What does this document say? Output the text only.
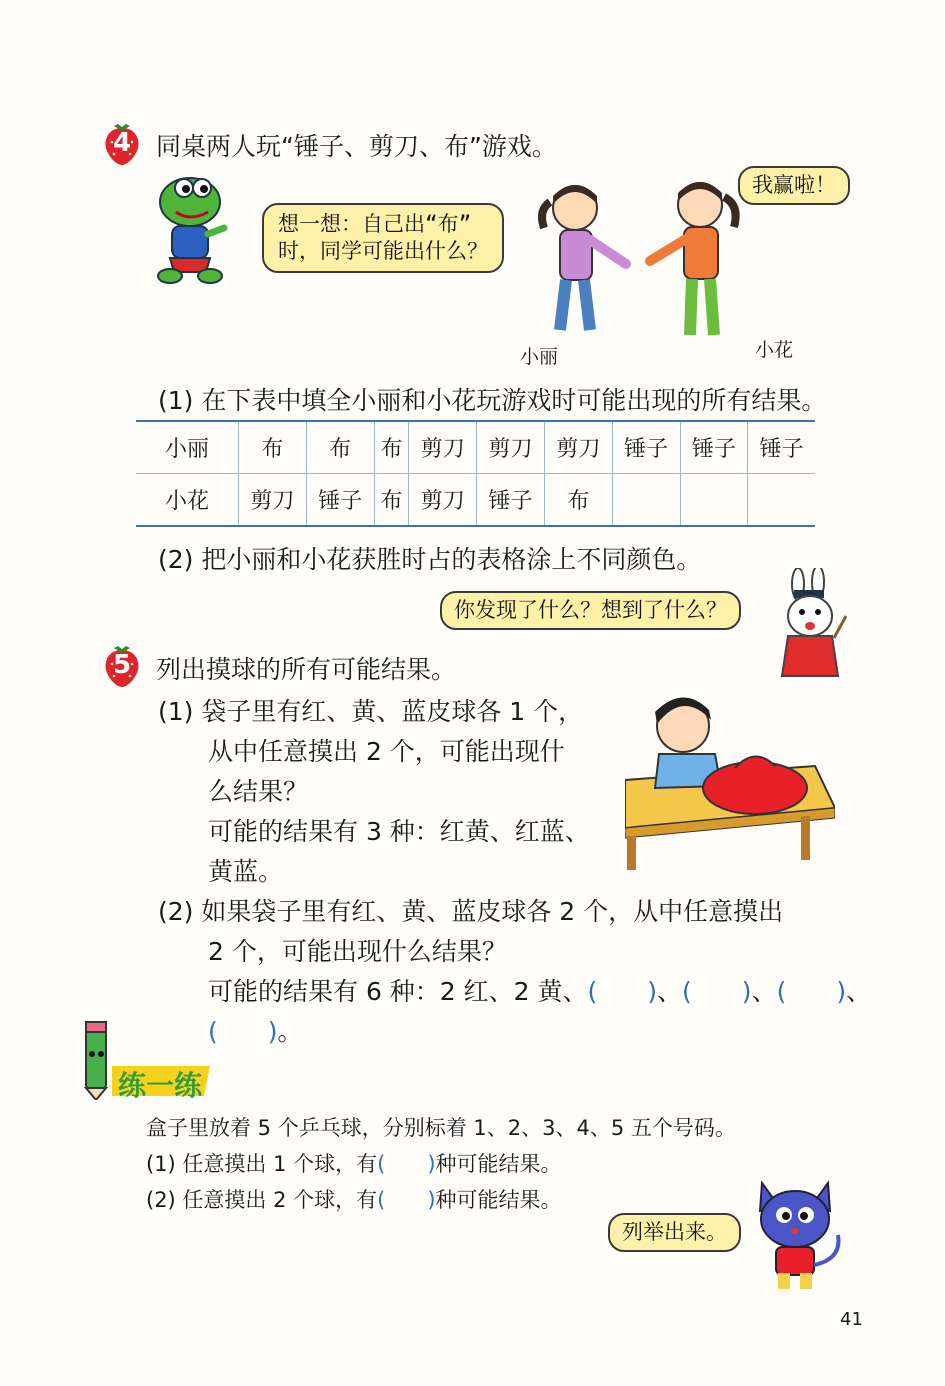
4 同桌两人玩“锤子、剪刀、布”游戏。
想一想：自己出“布”
时，同学可能出什么？
我赢啦！
小丽	小花
(1) 在下表中填全小丽和小花玩游戏时可能出现的所有结果。
小丽	布	布	布	剪刀	剪刀	剪刀	锤子	锤子	锤子
小花	剪刀	锤子	布	剪刀	锤子	布			
(2) 把小丽和小花获胜时占的表格涂上不同颜色。
你发现了什么？想到了什么？
5 列出摸球的所有可能结果。
(1) 袋子里有红、黄、蓝皮球各 1 个，
从中任意摸出 2 个，可能出现什
么结果？
可能的结果有 3 种：红黄、红蓝、
黄蓝。
(2) 如果袋子里有红、黄、蓝皮球各 2 个，从中任意摸出
2 个，可能出现什么结果？
可能的结果有 6 种：2 红、2 黄、(　　)、(　　)、(　　)、
(　　)。
练一练
盒子里放着 5 个乒乓球，分别标着 1、2、3、4、5 五个号码。
(1) 任意摸出 1 个球，有(　　)种可能结果。
(2) 任意摸出 2 个球，有(　　)种可能结果。
列举出来。
41
